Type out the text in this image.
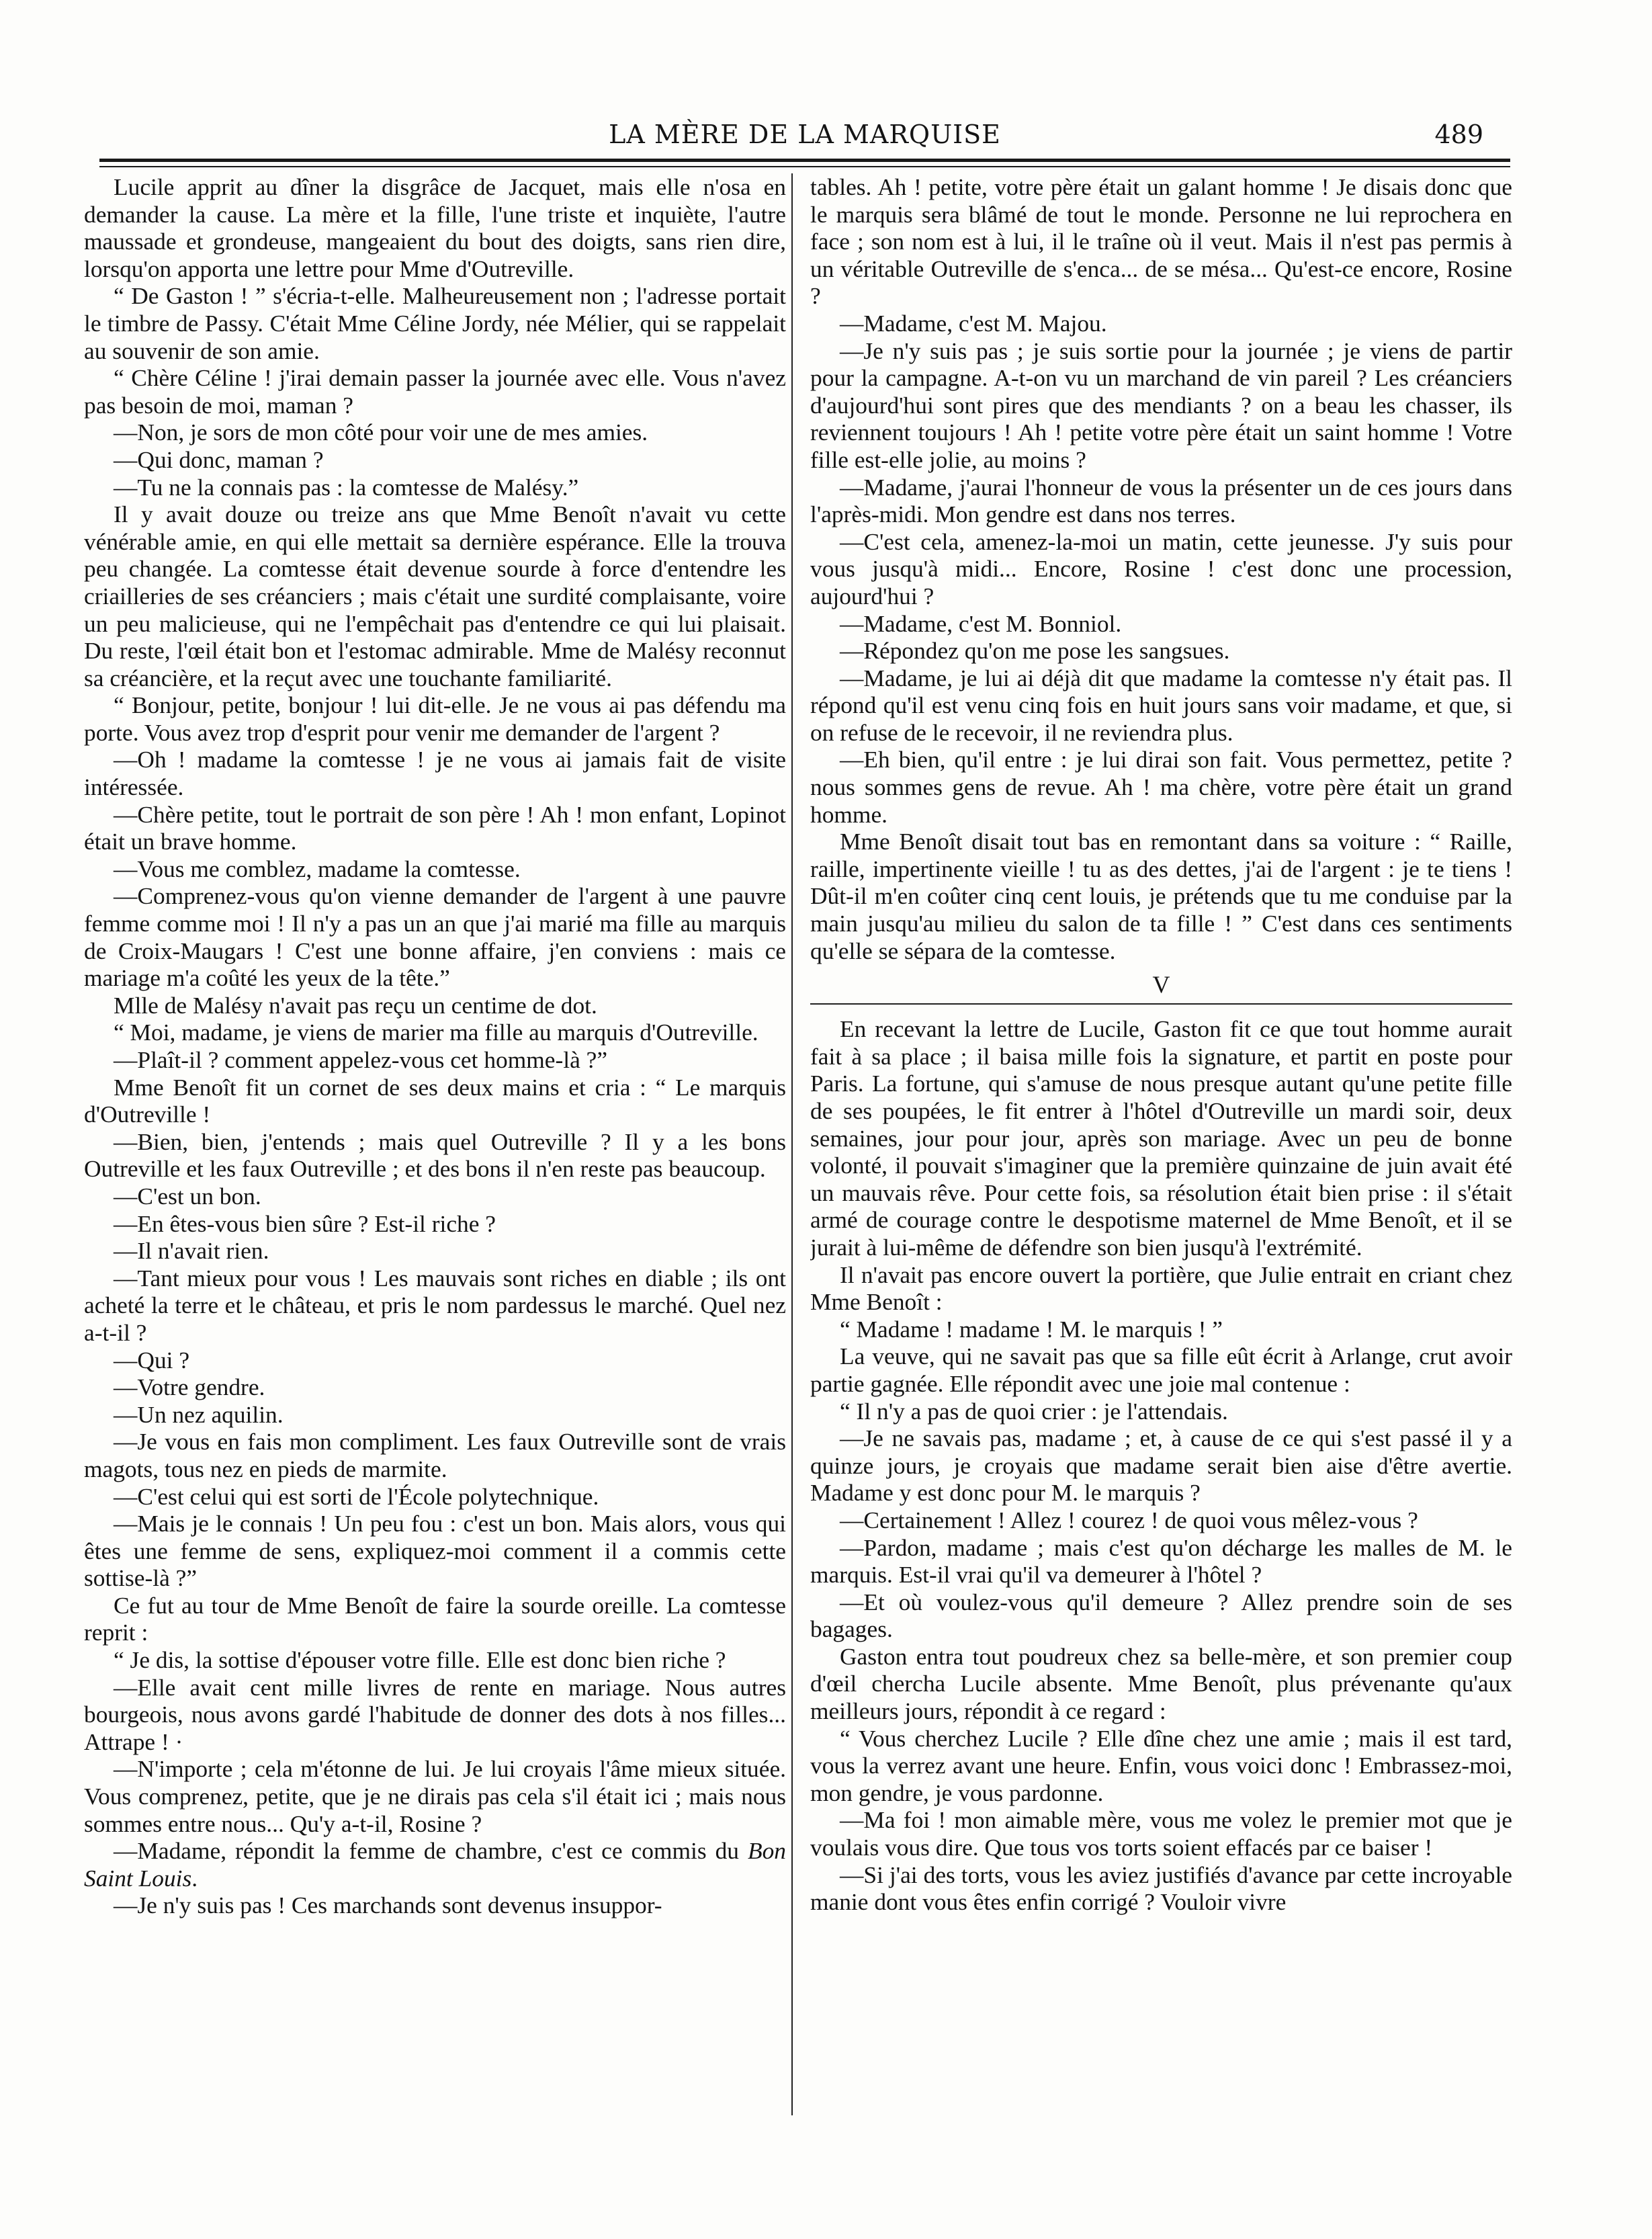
LA MÈRE DE LA MARQUISE	489

Lucile apprit au dîner la disgrâce de Jacquet, mais elle n'osa en demander la cause. La mère et la fille, l'une triste et inquiète, l'autre maussade et grondeuse, mangeaient du bout des doigts, sans rien dire, lorsqu'on apporta une lettre pour Mme d'Outreville.

“ De Gaston ! ” s'écria-t-elle. Malheureusement non ; l'adresse portait le timbre de Passy. C'était Mme Céline Jordy, née Mélier, qui se rappelait au souvenir de son amie.

“ Chère Céline ! j'irai demain passer la journée avec elle. Vous n'avez pas besoin de moi, maman ?

—Non, je sors de mon côté pour voir une de mes amies.

—Qui donc, maman ?

—Tu ne la connais pas : la comtesse de Malésy.”

Il y avait douze ou treize ans que Mme Benoît n'avait vu cette vénérable amie, en qui elle mettait sa dernière espérance. Elle la trouva peu changée. La comtesse était devenue sourde à force d'entendre les criailleries de ses créanciers ; mais c'était une surdité complaisante, voire un peu malicieuse, qui ne l'empêchait pas d'entendre ce qui lui plaisait. Du reste, l'œil était bon et l'estomac admirable. Mme de Malésy reconnut sa créancière, et la reçut avec une touchante familiarité.

“ Bonjour, petite, bonjour ! lui dit-elle. Je ne vous ai pas défendu ma porte. Vous avez trop d'esprit pour venir me demander de l'argent ?

—Oh ! madame la comtesse ! je ne vous ai jamais fait de visite intéressée.

—Chère petite, tout le portrait de son père ! Ah ! mon enfant, Lopinot était un brave homme.

—Vous me comblez, madame la comtesse.

—Comprenez-vous qu'on vienne demander de l'argent à une pauvre femme comme moi ! Il n'y a pas un an que j'ai marié ma fille au marquis de Croix-Maugars ! C'est une bonne affaire, j'en conviens : mais ce mariage m'a coûté les yeux de la tête.”

Mlle de Malésy n'avait pas reçu un centime de dot.

“ Moi, madame, je viens de marier ma fille au marquis d'Outreville.

—Plaît-il ? comment appelez-vous cet homme-là ?”

Mme Benoît fit un cornet de ses deux mains et cria : “ Le marquis d'Outreville !

—Bien, bien, j'entends ; mais quel Outreville ? Il y a les bons Outreville et les faux Outreville ; et des bons il n'en reste pas beaucoup.

—C'est un bon.

—En êtes-vous bien sûre ? Est-il riche ?

—Il n'avait rien.

—Tant mieux pour vous ! Les mauvais sont riches en diable ; ils ont acheté la terre et le château, et pris le nom pardessus le marché. Quel nez a-t-il ?

—Qui ?

—Votre gendre.

—Un nez aquilin.

—Je vous en fais mon compliment. Les faux Outreville sont de vrais magots, tous nez en pieds de marmite.

—C'est celui qui est sorti de l'École polytechnique.

—Mais je le connais ! Un peu fou : c'est un bon. Mais alors, vous qui êtes une femme de sens, expliquez-moi comment il a commis cette sottise-là ?”

Ce fut au tour de Mme Benoît de faire la sourde oreille. La comtesse reprit :

“ Je dis, la sottise d'épouser votre fille. Elle est donc bien riche ?

—Elle avait cent mille livres de rente en mariage. Nous autres bourgeois, nous avons gardé l'habitude de donner des dots à nos filles... Attrape ! ·

—N'importe ; cela m'étonne de lui. Je lui croyais l'âme mieux située. Vous comprenez, petite, que je ne dirais pas cela s'il était ici ; mais nous sommes entre nous... Qu'y a-t-il, Rosine ?

—Madame, répondit la femme de chambre, c'est ce commis du Bon Saint Louis.

—Je n'y suis pas ! Ces marchands sont devenus insuppor-

tables. Ah ! petite, votre père était un galant homme ! Je disais donc que le marquis sera blâmé de tout le monde. Personne ne lui reprochera en face ; son nom est à lui, il le traîne où il veut. Mais il n'est pas permis à un véritable Outreville de s'enca... de se mésa... Qu'est-ce encore, Rosine ?

—Madame, c'est M. Majou.

—Je n'y suis pas ; je suis sortie pour la journée ; je viens de partir pour la campagne. A-t-on vu un marchand de vin pareil ? Les créanciers d'aujourd'hui sont pires que des mendiants ? on a beau les chasser, ils reviennent toujours ! Ah ! petite votre père était un saint homme ! Votre fille est-elle jolie, au moins ?

—Madame, j'aurai l'honneur de vous la présenter un de ces jours dans l'après-midi. Mon gendre est dans nos terres.

—C'est cela, amenez-la-moi un matin, cette jeunesse. J'y suis pour vous jusqu'à midi... Encore, Rosine ! c'est donc une procession, aujourd'hui ?

—Madame, c'est M. Bonniol.

—Répondez qu'on me pose les sangsues.

—Madame, je lui ai déjà dit que madame la comtesse n'y était pas. Il répond qu'il est venu cinq fois en huit jours sans voir madame, et que, si on refuse de le recevoir, il ne reviendra plus.

—Eh bien, qu'il entre : je lui dirai son fait. Vous permettez, petite ? nous sommes gens de revue. Ah ! ma chère, votre père était un grand homme.

Mme Benoît disait tout bas en remontant dans sa voiture : “ Raille, raille, impertinente vieille ! tu as des dettes, j'ai de l'argent : je te tiens ! Dût-il m'en coûter cinq cent louis, je prétends que tu me conduise par la main jusqu'au milieu du salon de ta fille ! ” C'est dans ces sentiments qu'elle se sépara de la comtesse.

V

En recevant la lettre de Lucile, Gaston fit ce que tout homme aurait fait à sa place ; il baisa mille fois la signature, et partit en poste pour Paris. La fortune, qui s'amuse de nous presque autant qu'une petite fille de ses poupées, le fit entrer à l'hôtel d'Outreville un mardi soir, deux semaines, jour pour jour, après son mariage. Avec un peu de bonne volonté, il pouvait s'imaginer que la première quinzaine de juin avait été un mauvais rêve. Pour cette fois, sa résolution était bien prise : il s'était armé de courage contre le despotisme maternel de Mme Benoît, et il se jurait à lui-même de défendre son bien jusqu'à l'extrémité.

Il n'avait pas encore ouvert la portière, que Julie entrait en criant chez Mme Benoît :

“ Madame ! madame ! M. le marquis ! ”

La veuve, qui ne savait pas que sa fille eût écrit à Arlange, crut avoir partie gagnée. Elle répondit avec une joie mal contenue :

“ Il n'y a pas de quoi crier : je l'attendais.

—Je ne savais pas, madame ; et, à cause de ce qui s'est passé il y a quinze jours, je croyais que madame serait bien aise d'être avertie. Madame y est donc pour M. le marquis ?

—Certainement ! Allez ! courez ! de quoi vous mêlez-vous ?

—Pardon, madame ; mais c'est qu'on décharge les malles de M. le marquis. Est-il vrai qu'il va demeurer à l'hôtel ?

—Et où voulez-vous qu'il demeure ? Allez prendre soin de ses bagages.

Gaston entra tout poudreux chez sa belle-mère, et son premier coup d'œil chercha Lucile absente. Mme Benoît, plus prévenante qu'aux meilleurs jours, répondit à ce regard :

“ Vous cherchez Lucile ? Elle dîne chez une amie ; mais il est tard, vous la verrez avant une heure. Enfin, vous voici donc ! Embrassez-moi, mon gendre, je vous pardonne.

—Ma foi ! mon aimable mère, vous me volez le premier mot que je voulais vous dire. Que tous vos torts soient effacés par ce baiser !

—Si j'ai des torts, vous les aviez justifiés d'avance par cette incroyable manie dont vous êtes enfin corrigé ? Vouloir vivre
